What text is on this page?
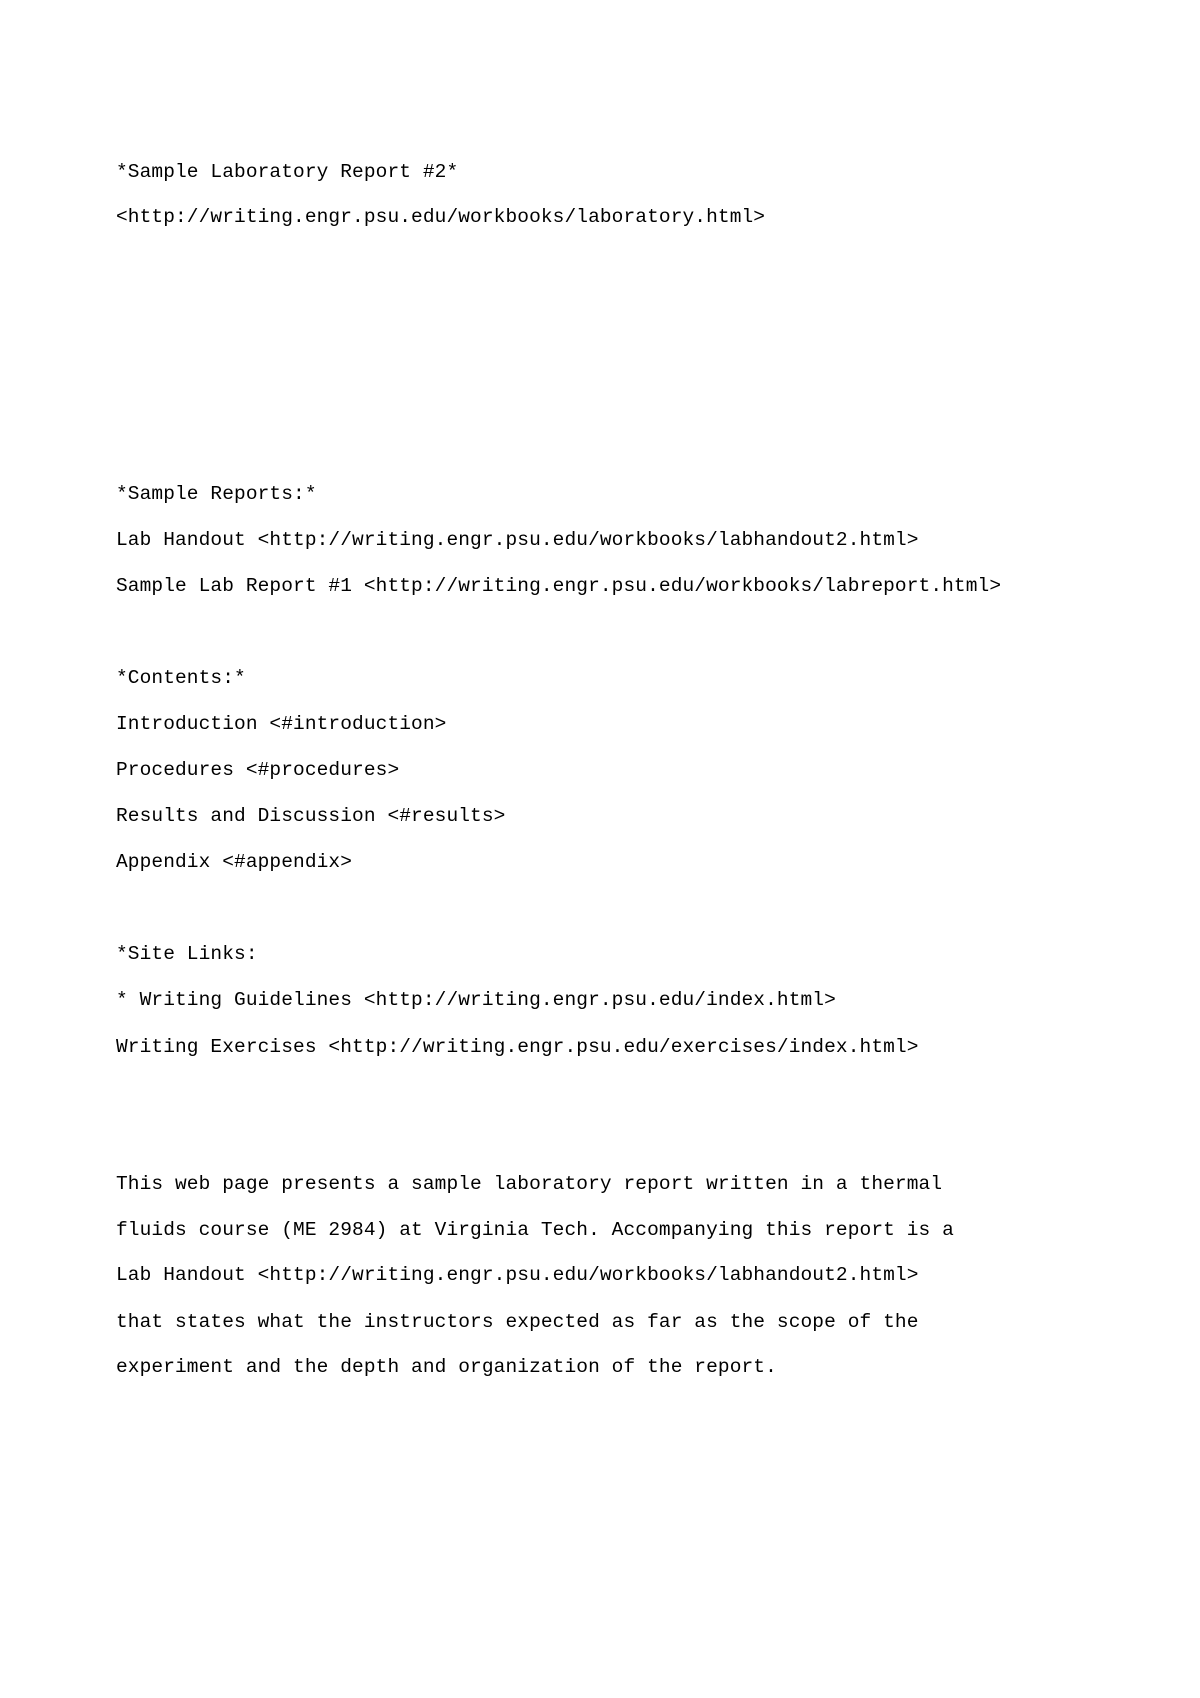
*Sample Laboratory Report #2*
<http://writing.engr.psu.edu/workbooks/laboratory.html>
*Sample Reports:*
Lab Handout <http://writing.engr.psu.edu/workbooks/labhandout2.html>
Sample Lab Report #1 <http://writing.engr.psu.edu/workbooks/labreport.html>
*Contents:*
Introduction <#introduction>
Procedures <#procedures>
Results and Discussion <#results>
Appendix <#appendix>
*Site Links:
* Writing Guidelines <http://writing.engr.psu.edu/index.html>
Writing Exercises <http://writing.engr.psu.edu/exercises/index.html>
This web page presents a sample laboratory report written in a thermal
fluids course (ME 2984) at Virginia Tech. Accompanying this report is a
Lab Handout <http://writing.engr.psu.edu/workbooks/labhandout2.html>
that states what the instructors expected as far as the scope of the
experiment and the depth and organization of the report.
